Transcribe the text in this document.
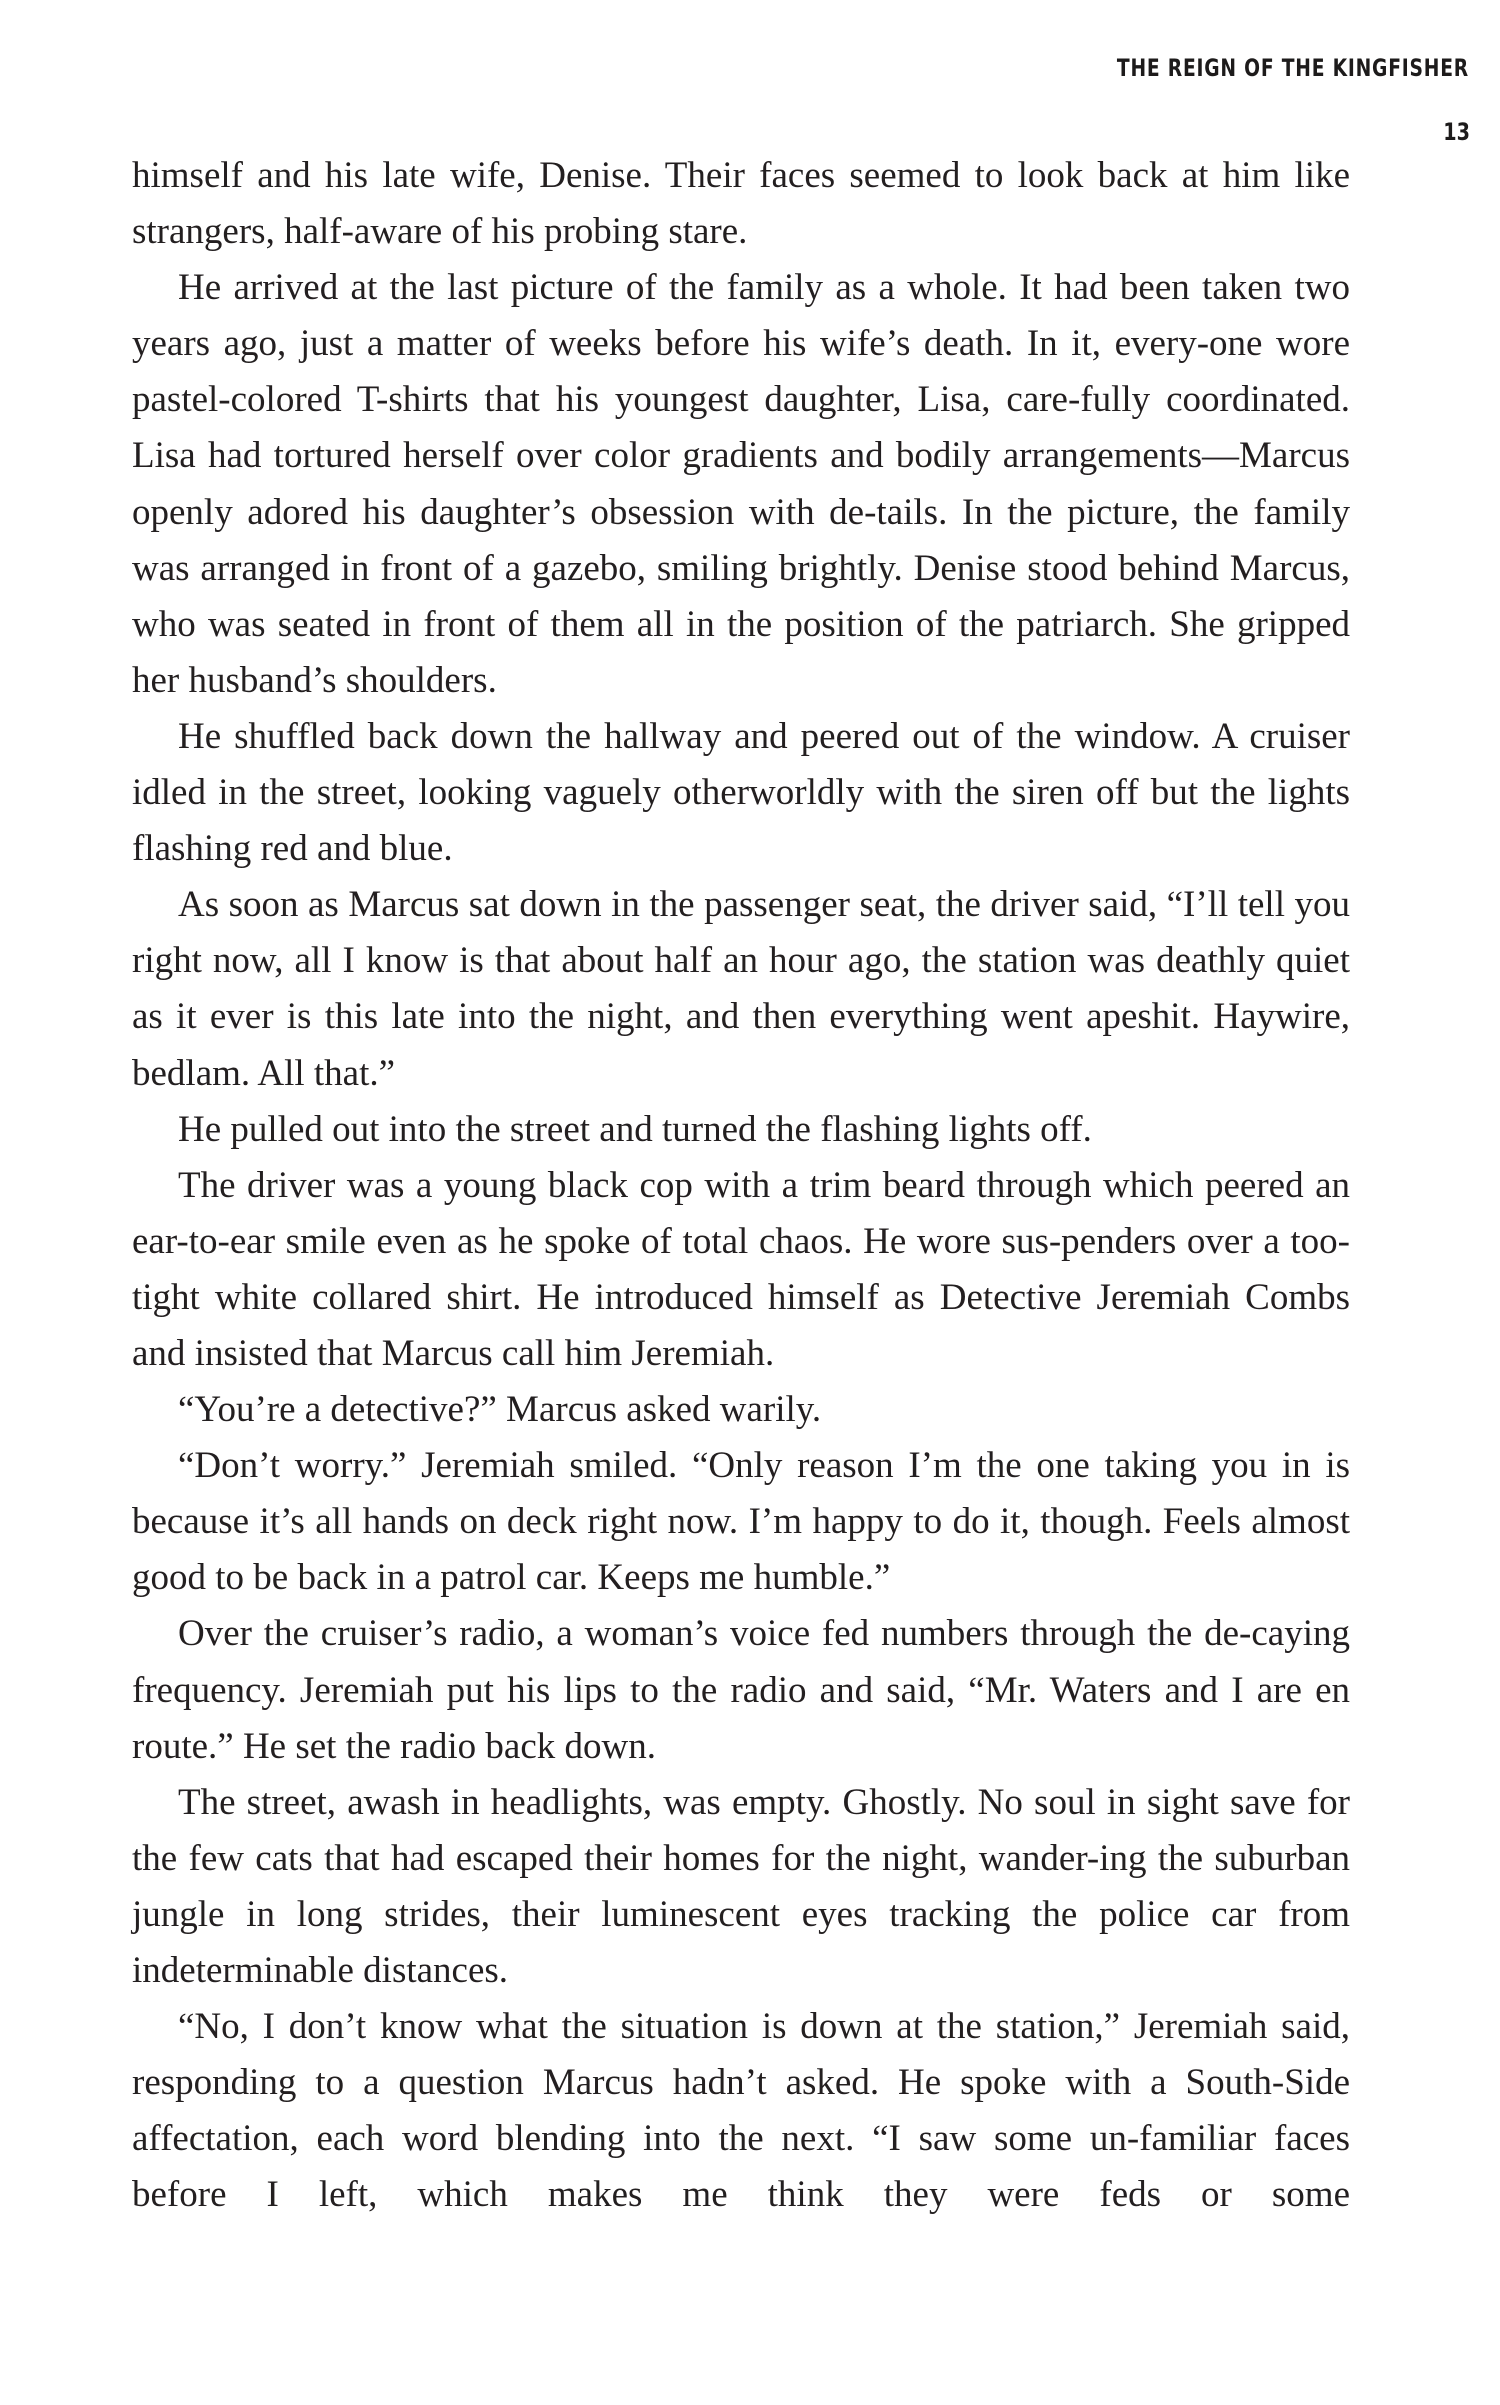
THE REIGN OF THE KINGFISHER
13

himself and his late wife, Denise. Their faces seemed to look back at him like strangers, half-aware of his probing stare.

He arrived at the last picture of the family as a whole. It had been taken two years ago, just a matter of weeks before his wife’s death. In it, every-one wore pastel-colored T-shirts that his youngest daughter, Lisa, care-fully coordinated. Lisa had tortured herself over color gradients and bodily arrangements—Marcus openly adored his daughter’s obsession with de-tails. In the picture, the family was arranged in front of a gazebo, smiling brightly. Denise stood behind Marcus, who was seated in front of them all in the position of the patriarch. She gripped her husband’s shoulders.

He shuffled back down the hallway and peered out of the window. A cruiser idled in the street, looking vaguely otherworldly with the siren off but the lights flashing red and blue.

As soon as Marcus sat down in the passenger seat, the driver said, “I’ll tell you right now, all I know is that about half an hour ago, the station was deathly quiet as it ever is this late into the night, and then everything went apeshit. Haywire, bedlam. All that.”

He pulled out into the street and turned the flashing lights off.

The driver was a young black cop with a trim beard through which peered an ear-to-ear smile even as he spoke of total chaos. He wore sus-penders over a too-tight white collared shirt. He introduced himself as Detective Jeremiah Combs and insisted that Marcus call him Jeremiah.

“You’re a detective?” Marcus asked warily.

“Don’t worry.” Jeremiah smiled. “Only reason I’m the one taking you in is because it’s all hands on deck right now. I’m happy to do it, though. Feels almost good to be back in a patrol car. Keeps me humble.”

Over the cruiser’s radio, a woman’s voice fed numbers through the de-caying frequency. Jeremiah put his lips to the radio and said, “Mr. Waters and I are en route.” He set the radio back down.

The street, awash in headlights, was empty. Ghostly. No soul in sight save for the few cats that had escaped their homes for the night, wander-ing the suburban jungle in long strides, their luminescent eyes tracking the police car from indeterminable distances.

“No, I don’t know what the situation is down at the station,” Jeremiah said, responding to a question Marcus hadn’t asked. He spoke with a South-Side affectation, each word blending into the next. “I saw some un-familiar faces before I left, which makes me think they were feds or some
